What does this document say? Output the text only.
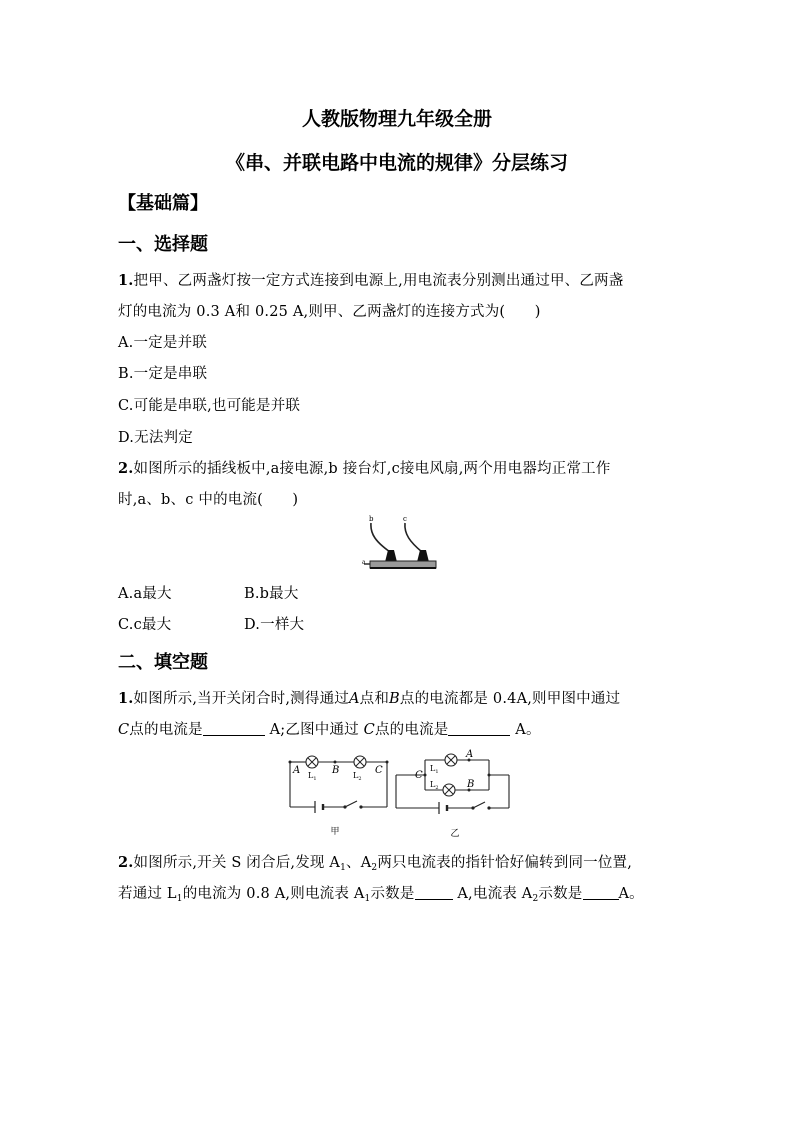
人教版物理九年级全册
《串、并联电路中电流的规律》分层练习
【基础篇】
一、选择题
1.把甲、乙两盏灯按一定方式连接到电源上,用电流表分别测出通过甲、乙两盏
灯的电流为 0.3 A和 0.25 A,则甲、乙两盏灯的连接方式为(　　)
A.一定是并联
B.一定是串联
C.可能是串联,也可能是并联
D.无法判定
2.如图所示的插线板中,a接电源,b 接台灯,c接电风扇,两个用电器均正常工作
时,a、b、c 中的电流(　　)
b	c
a
A.a最大	B.b最大
C.c最大	D.一样大
二、填空题
1.如图所示,当开关闭合时,测得通过A点和B点的电流都是 0.4A,则甲图中通过
C点的电流是	A;乙图中通过 C点的电流是	A。
A	B	C
$L_1$	$L_2$
甲
C
A
B
$L_1$
$L_2$
乙
2.如图所示,开关 S 闭合后,发现 $A_1$、$A_2$两只电流表的指针恰好偏转到同一位置,
若通过 $L_1$的电流为 0.8 A,则电流表 $A_1$示数是	A,电流表 $A_2$示数是 A。
